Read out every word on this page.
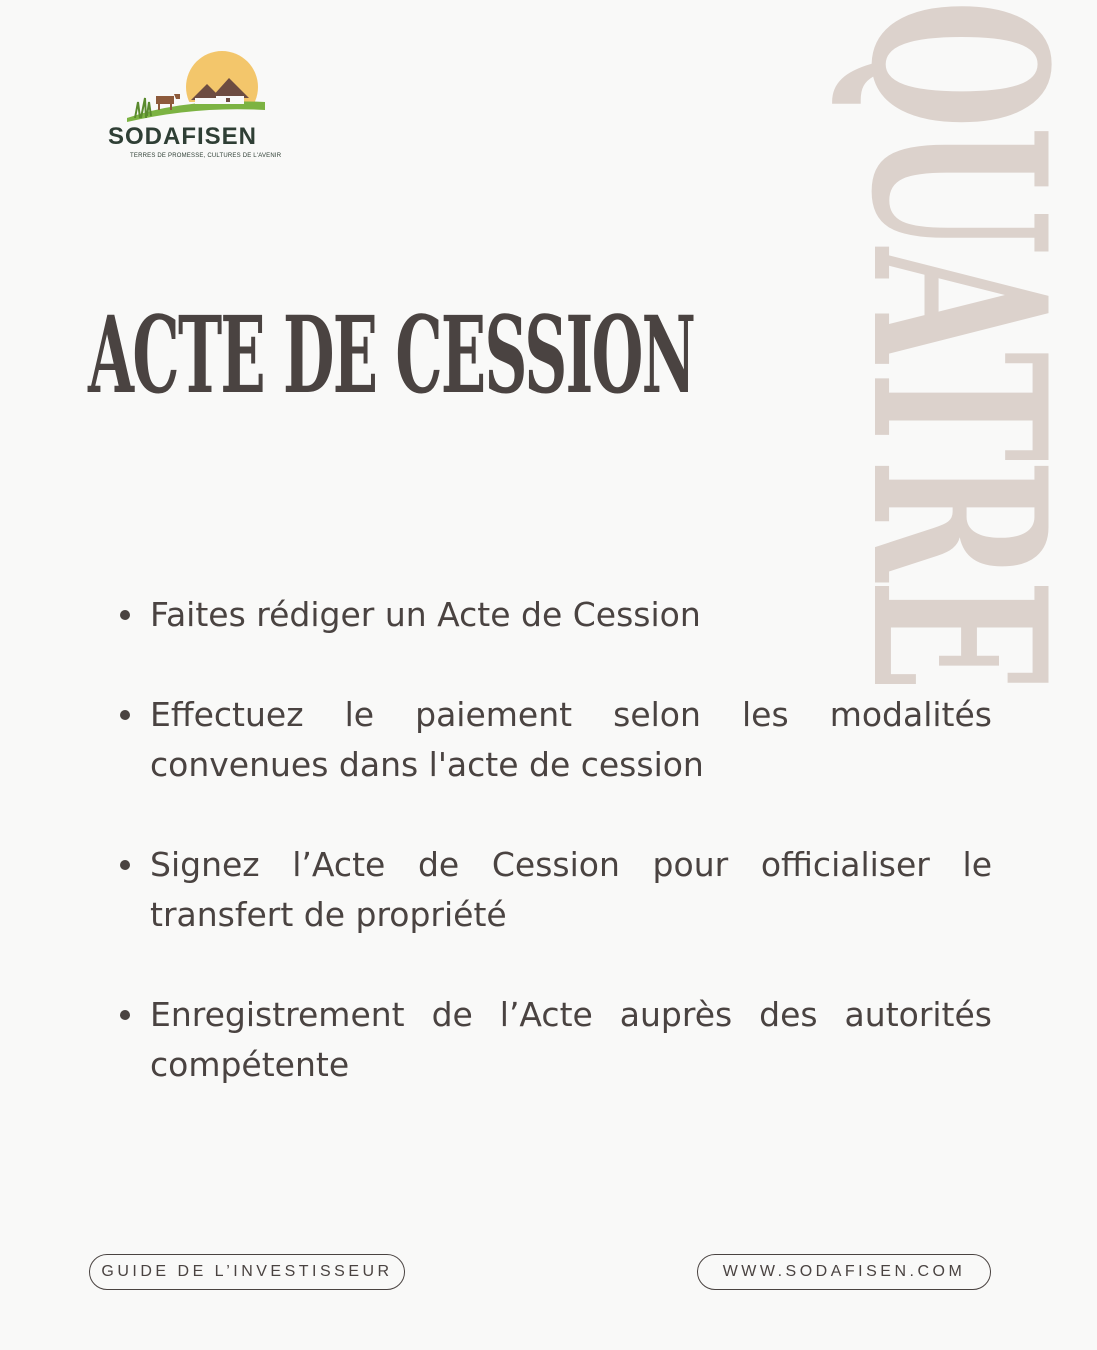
SODAFISEN
TERRES DE PROMESSE, CULTURES DE L'AVENIR QUATRE
ACTE DE CESSION
Faites rédiger un Acte de Cession
Effectuez le paiement selon les modalités convenues dans l'acte de cession
Signez l’Acte de Cession pour officialiser le transfert de propriété
Enregistrement de l’Acte auprès des autorités compétente
GUIDE DE L’INVESTISSEUR	WWW.SODAFISEN.COM
